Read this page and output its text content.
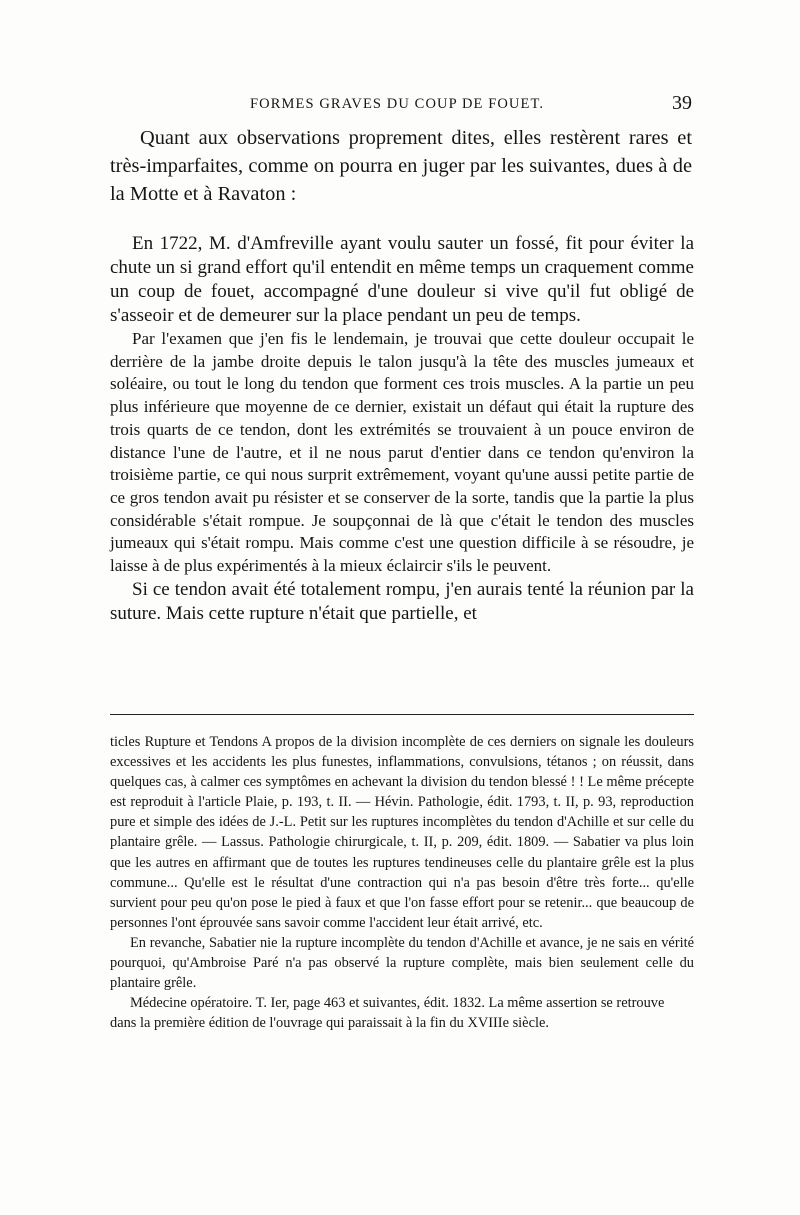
FORMES GRAVES DU COUP DE FOUET.	39

Quant aux observations proprement dites, elles restèrent rares et très-imparfaites, comme on pourra en juger par les suivantes, dues à de la Motte et à Ravaton :

En 1722, M. d'Amfreville ayant voulu sauter un fossé, fit pour éviter la chute un si grand effort qu'il entendit en même temps un craquement comme un coup de fouet, accompagné d'une douleur si vive qu'il fut obligé de s'asseoir et de demeurer sur la place pendant un peu de temps.

Par l'examen que j'en fis le lendemain, je trouvai que cette douleur occupait le derrière de la jambe droite depuis le talon jusqu'à la tête des muscles jumeaux et soléaire, ou tout le long du tendon que forment ces trois muscles. A la partie un peu plus inférieure que moyenne de ce dernier, existait un défaut qui était la rupture des trois quarts de ce tendon, dont les extrémités se trouvaient à un pouce environ de distance l'une de l'autre, et il ne nous parut d'entier dans ce tendon qu'environ la troisième partie, ce qui nous surprit extrêmement, voyant qu'une aussi petite partie de ce gros tendon avait pu résister et se conserver de la sorte, tandis que la partie la plus considérable s'était rompue. Je soupçonnai de là que c'était le tendon des muscles jumeaux qui s'était rompu. Mais comme c'est une question difficile à se résoudre, je laisse à de plus expérimentés à la mieux éclaircir s'ils le peuvent.

Si ce tendon avait été totalement rompu, j'en aurais tenté la réunion par la suture. Mais cette rupture n'était que partielle, et

ticles Rupture et Tendons A propos de la division incomplète de ces derniers on signale les douleurs excessives et les accidents les plus funestes, inflammations, convulsions, tétanos ; on réussit, dans quelques cas, à calmer ces symptômes en achevant la division du tendon blessé ! ! Le même précepte est reproduit à l'article Plaie, p. 193, t. II. — Hévin. Pathologie, édit. 1793, t. II, p. 93, reproduction pure et simple des idées de J.-L. Petit sur les ruptures incomplètes du tendon d'Achille et sur celle du plantaire grêle. — Lassus. Pathologie chirurgicale, t. II, p. 209, édit. 1809. — Sabatier va plus loin que les autres en affirmant que de toutes les ruptures tendineuses celle du plantaire grêle est la plus commune... Qu'elle est le résultat d'une contraction qui n'a pas besoin d'être très forte... qu'elle survient pour peu qu'on pose le pied à faux et que l'on fasse effort pour se retenir... que beaucoup de personnes l'ont éprouvée sans savoir comme l'accident leur était arrivé, etc.

En revanche, Sabatier nie la rupture incomplète du tendon d'Achille et avance, je ne sais en vérité pourquoi, qu'Ambroise Paré n'a pas observé la rupture complète, mais bien seulement celle du plantaire grêle.

Médecine opératoire. T. Ier, page 463 et suivantes, édit. 1832. La même assertion se retrouve dans la première édition de l'ouvrage qui paraissait à la fin du XVIIIe siècle.
